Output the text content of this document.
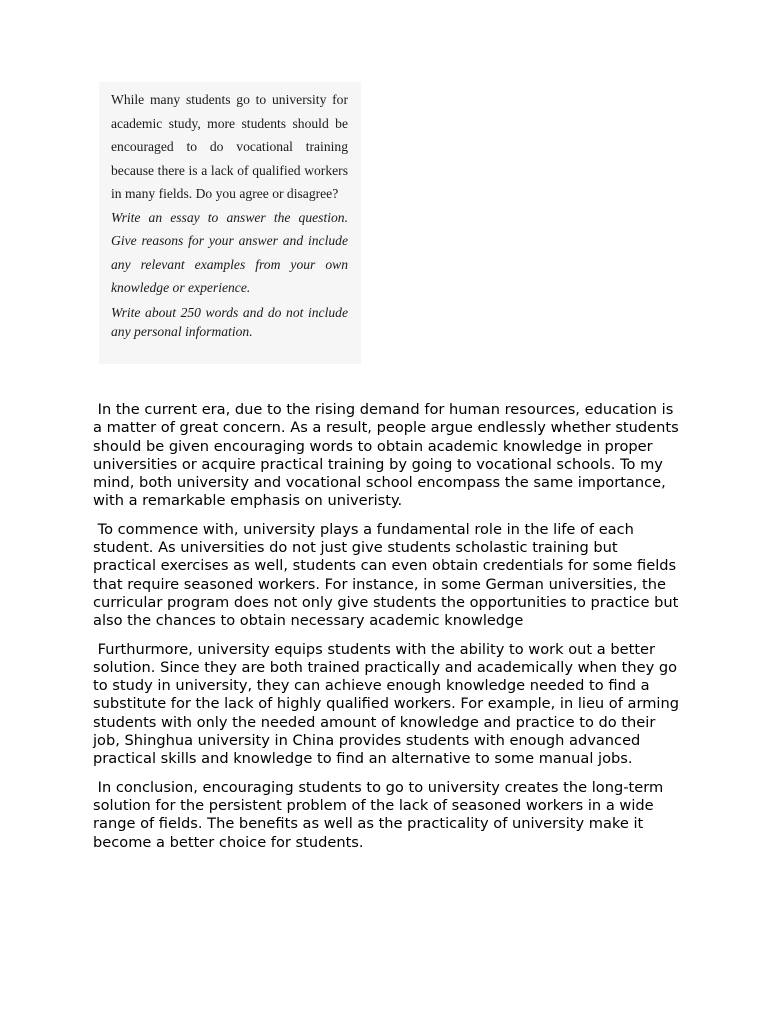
While many students go to university for academic study, more students should be encouraged to do vocational training because there is a lack of qualified workers in many fields. Do you agree or disagree?

Write an essay to answer the question. Give reasons for your answer and include any relevant examples from your own knowledge or experience.

Write about 250 words and do not include any personal information.

In the current era, due to the rising demand for human resources, education is a matter of great concern. As a result, people argue endlessly whether students should be given encouraging words to obtain academic knowledge in proper universities or acquire practical training by going to vocational schools. To my mind, both university and vocational school encompass the same importance, with a remarkable emphasis on univeristy.

To commence with, university plays a fundamental role in the life of each student. As universities do not just give students scholastic training but practical exercises as well, students can even obtain credentials for some fields that require seasoned workers. For instance, in some German universities, the curricular program does not only give students the opportunities to practice but also the chances to obtain necessary academic knowledge

Furthurmore, university equips students with the ability to work out a better solution. Since they are both trained practically and academically when they go to study in university, they can achieve enough knowledge needed to find a substitute for the lack of highly qualified workers. For example, in lieu of arming students with only the needed amount of knowledge and practice to do their job, Shinghua university in China provides students with enough advanced practical skills and knowledge to find an alternative to some manual jobs.

In conclusion, encouraging students to go to university creates the long-term solution for the persistent problem of the lack of seasoned workers in a wide range of fields. The benefits as well as the practicality of university make it become a better choice for students.
